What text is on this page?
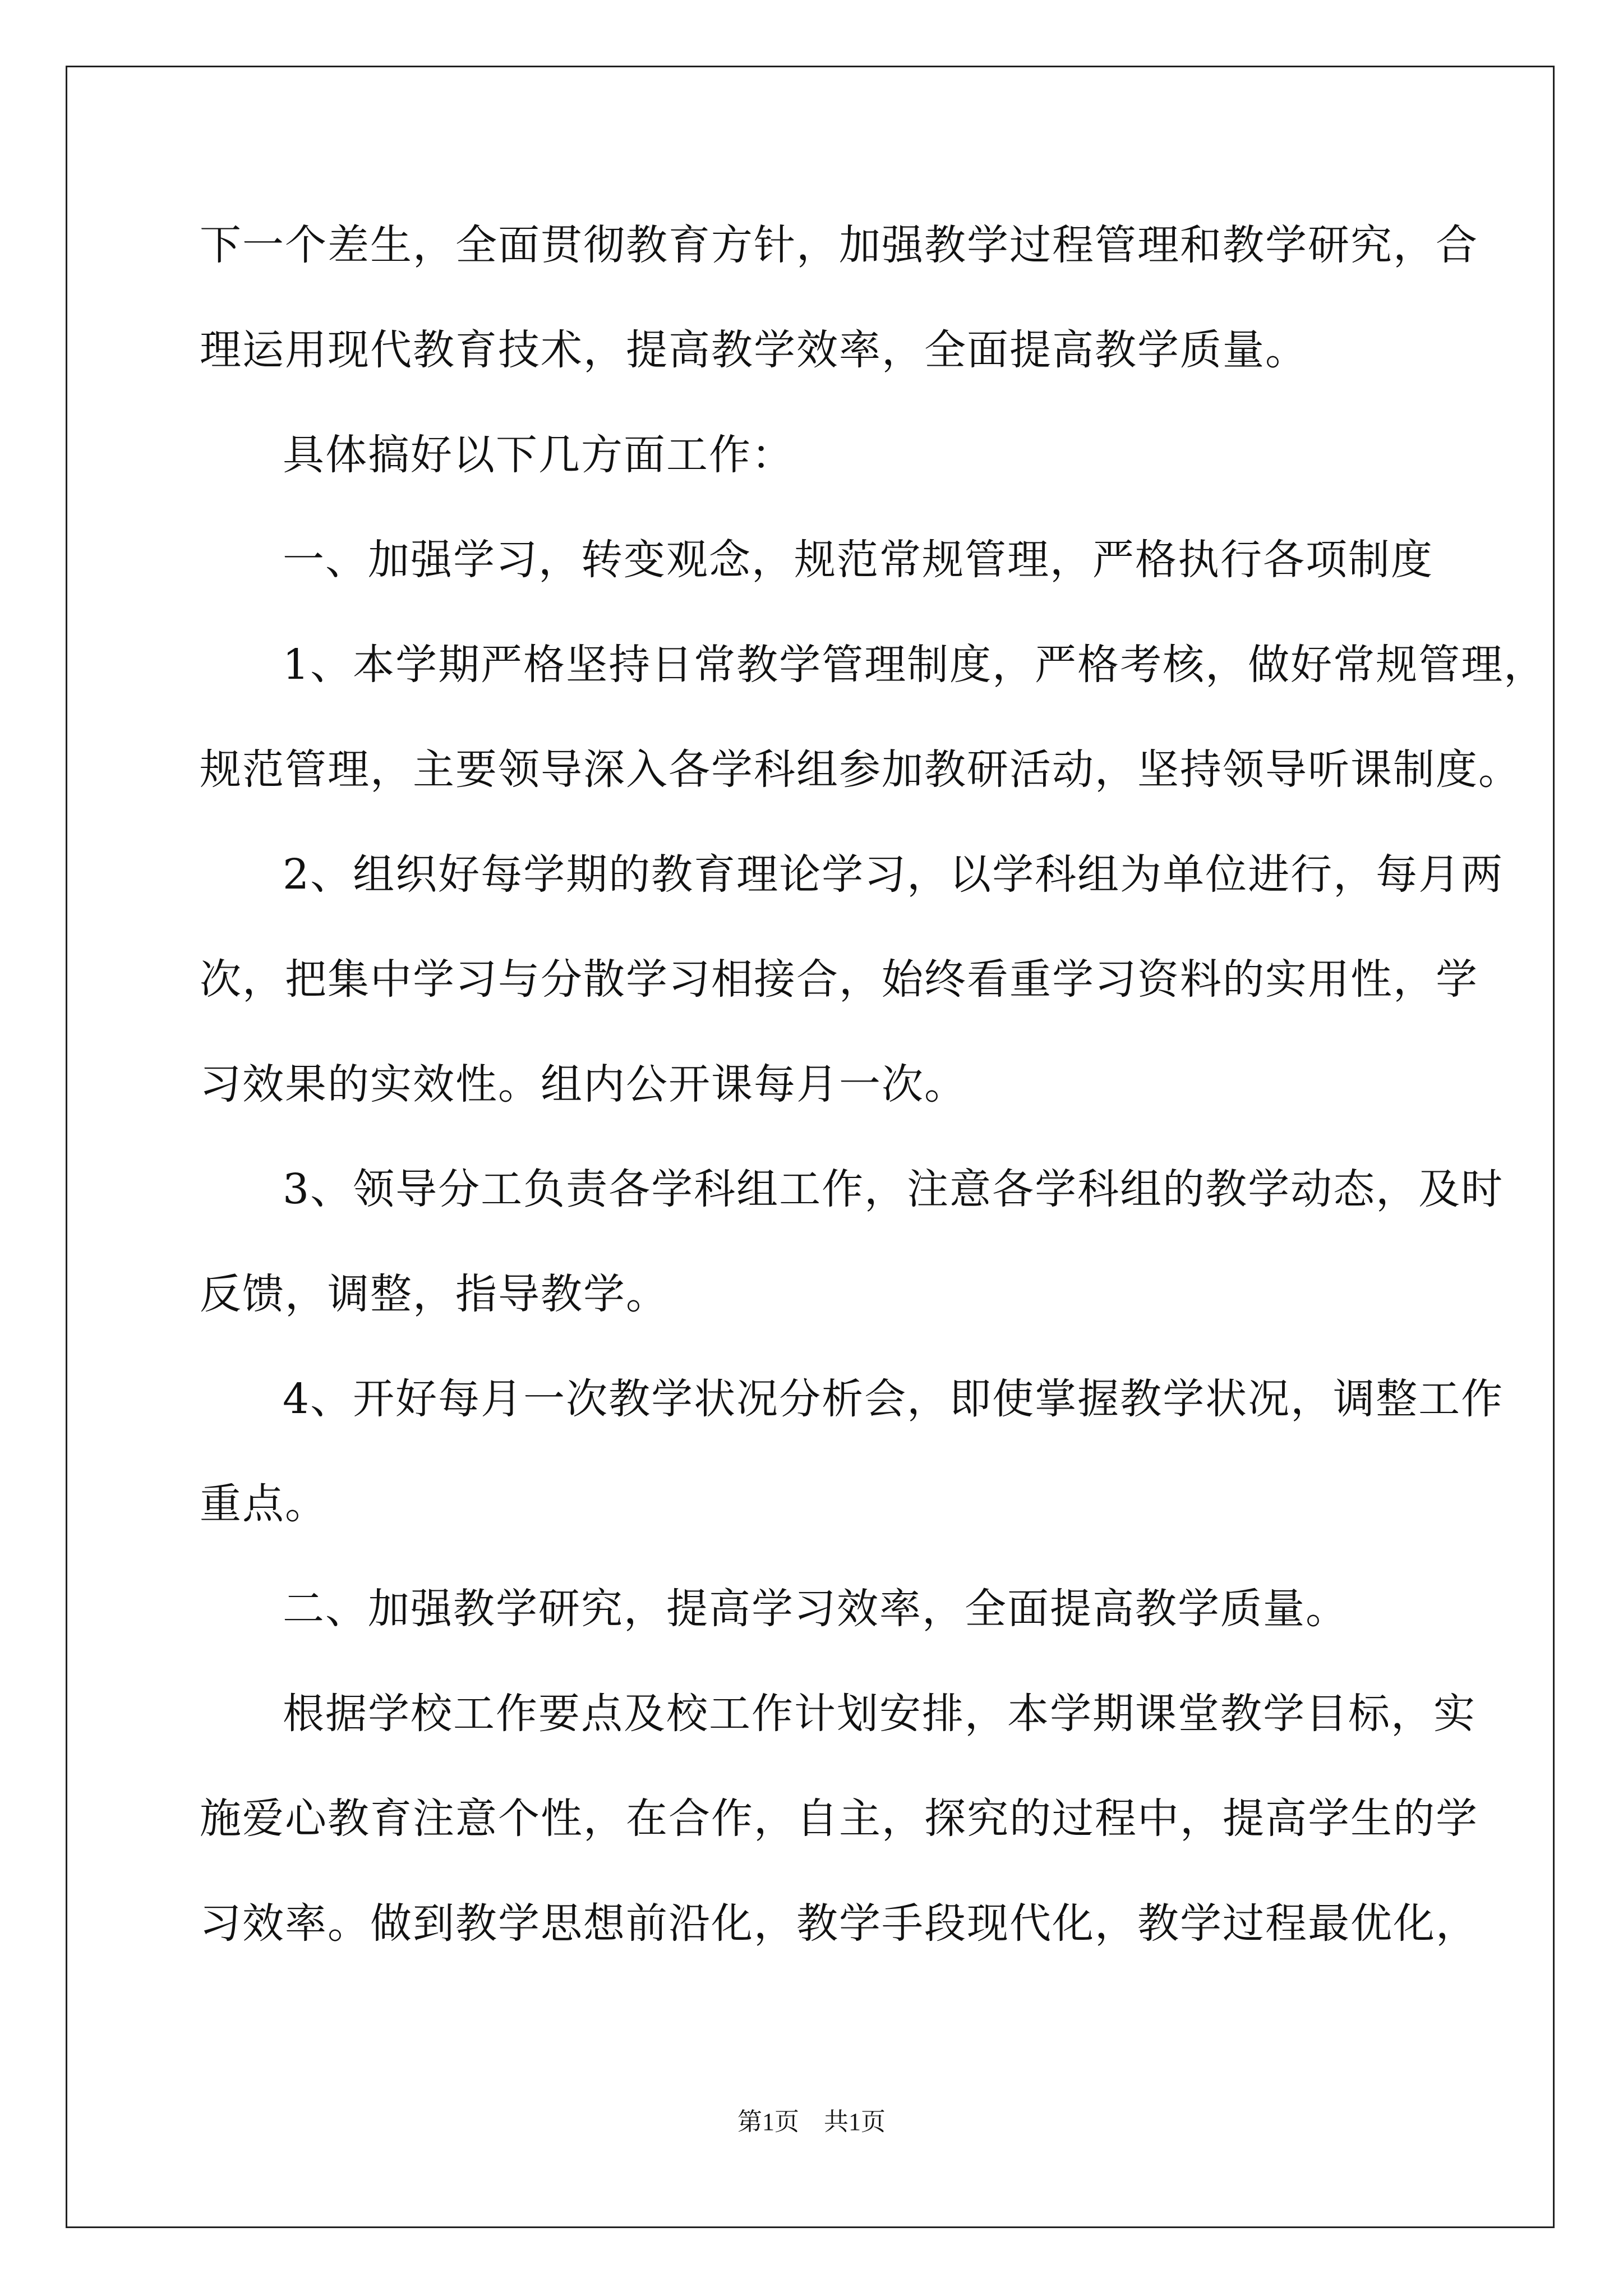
下一个差生，全面贯彻教育方针，加强教学过程管理和教学研究，合
理运用现代教育技术，提高教学效率，全面提高教学质量。
具体搞好以下几方面工作：
一、加强学习，转变观念，规范常规管理，严格执行各项制度
1、本学期严格坚持日常教学管理制度，严格考核，做好常规管理，
规范管理，主要领导深入各学科组参加教研活动，坚持领导听课制度。
2、组织好每学期的教育理论学习，以学科组为单位进行，每月两
次，把集中学习与分散学习相接合，始终看重学习资料的实用性，学
习效果的实效性。组内公开课每月一次。
3、领导分工负责各学科组工作，注意各学科组的教学动态，及时
反馈，调整，指导教学。
4、开好每月一次教学状况分析会，即使掌握教学状况，调整工作
重点。
二、加强教学研究，提高学习效率，全面提高教学质量。
根据学校工作要点及校工作计划安排，本学期课堂教学目标，实
施爱心教育注意个性，在合作，自主，探究的过程中，提高学生的学
习效率。做到教学思想前沿化，教学手段现代化，教学过程最优化，
第1页　共1页
